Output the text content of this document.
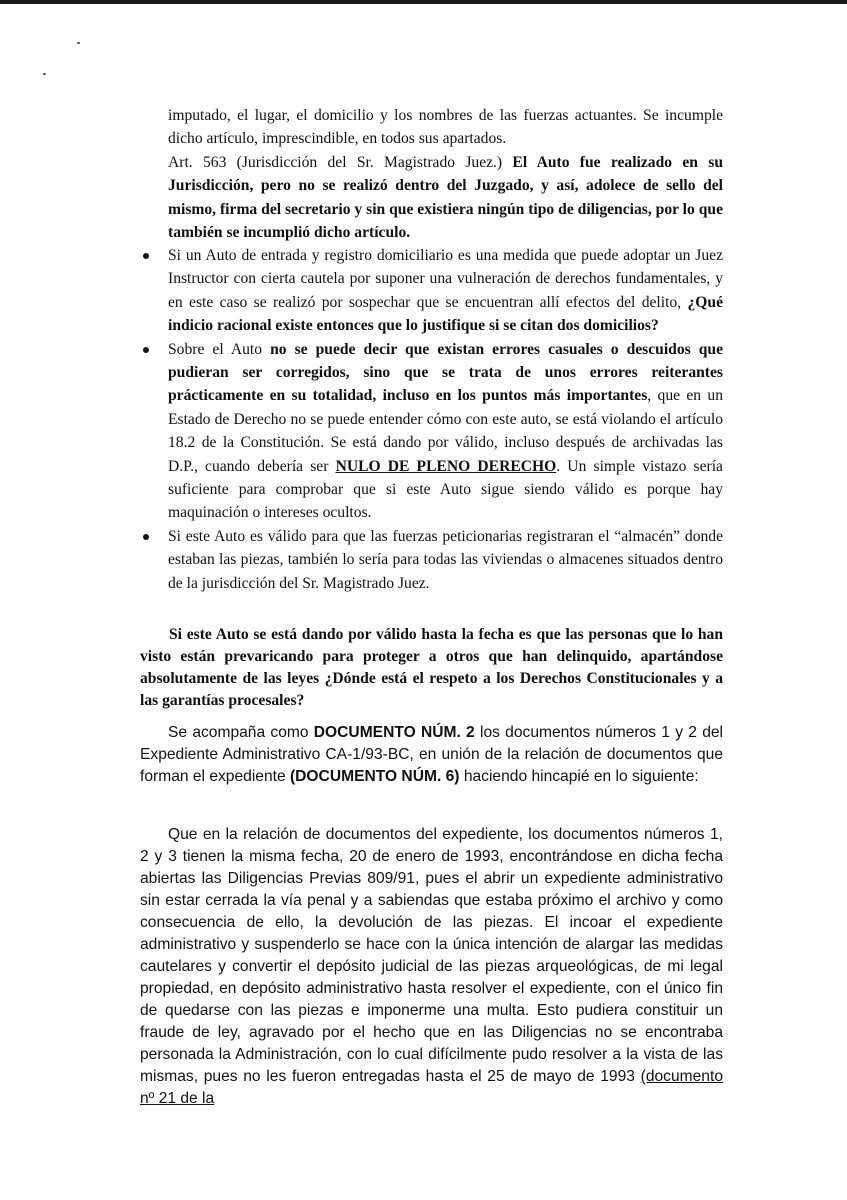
imputado, el lugar, el domicilio y los nombres de las fuerzas actuantes. Se incumple dicho artículo, imprescindible, en todos sus apartados.

Art. 563 (Jurisdicción del Sr. Magistrado Juez.) El Auto fue realizado en su Jurisdicción, pero no se realizó dentro del Juzgado, y así, adolece de sello del mismo, firma del secretario y sin que existiera ningún tipo de diligencias, por lo que también se incumplió dicho artículo.

Si un Auto de entrada y registro domiciliario es una medida que puede adoptar un Juez Instructor con cierta cautela por suponer una vulneración de derechos fundamentales, y en este caso se realizó por sospechar que se encuentran allí efectos del delito, ¿Qué indicio racional existe entonces que lo justifique si se citan dos domicilios?
Sobre el Auto no se puede decir que existan errores casuales o descuidos que pudieran ser corregidos, sino que se trata de unos errores reiterantes prácticamente en su totalidad, incluso en los puntos más importantes, que en un Estado de Derecho no se puede entender cómo con este auto, se está violando el artículo 18.2 de la Constitución. Se está dando por válido, incluso después de archivadas las D.P., cuando debería ser NULO DE PLENO DERECHO. Un simple vistazo sería suficiente para comprobar que si este Auto sigue siendo válido es porque hay maquinación o intereses ocultos.
Si este Auto es válido para que las fuerzas peticionarias registraran el “almacén” donde estaban las piezas, también lo sería para todas las viviendas o almacenes situados dentro de la jurisdicción del Sr. Magistrado Juez.

Si este Auto se está dando por válido hasta la fecha es que las personas que lo han visto están prevaricando para proteger a otros que han delinquido, apartándose absolutamente de las leyes ¿Dónde está el respeto a los Derechos Constitucionales y a las garantías procesales?

Se acompaña como DOCUMENTO NÚM. 2 los documentos números 1 y 2 del Expediente Administrativo CA-1/93-BC, en unión de la relación de documentos que forman el expediente (DOCUMENTO NÚM. 6) haciendo hincapié en lo siguiente:

Que en la relación de documentos del expediente, los documentos números 1, 2 y 3 tienen la misma fecha, 20 de enero de 1993, encontrándose en dicha fecha abiertas las Diligencias Previas 809/91, pues el abrir un expediente administrativo sin estar cerrada la vía penal y a sabiendas que estaba próximo el archivo y como consecuencia de ello, la devolución de las piezas. El incoar el expediente administrativo y suspenderlo se hace con la única intención de alargar las medidas cautelares y convertir el depósito judicial de las piezas arqueológicas, de mi legal propiedad, en depósito administrativo hasta resolver el expediente, con el único fin de quedarse con las piezas e imponerme una multa. Esto pudiera constituir un fraude de ley, agravado por el hecho que en las Diligencias no se encontraba personada la Administración, con lo cual difícilmente pudo resolver a la vista de las mismas, pues no les fueron entregadas hasta el 25 de mayo de 1993 (documento nº 21 de la
